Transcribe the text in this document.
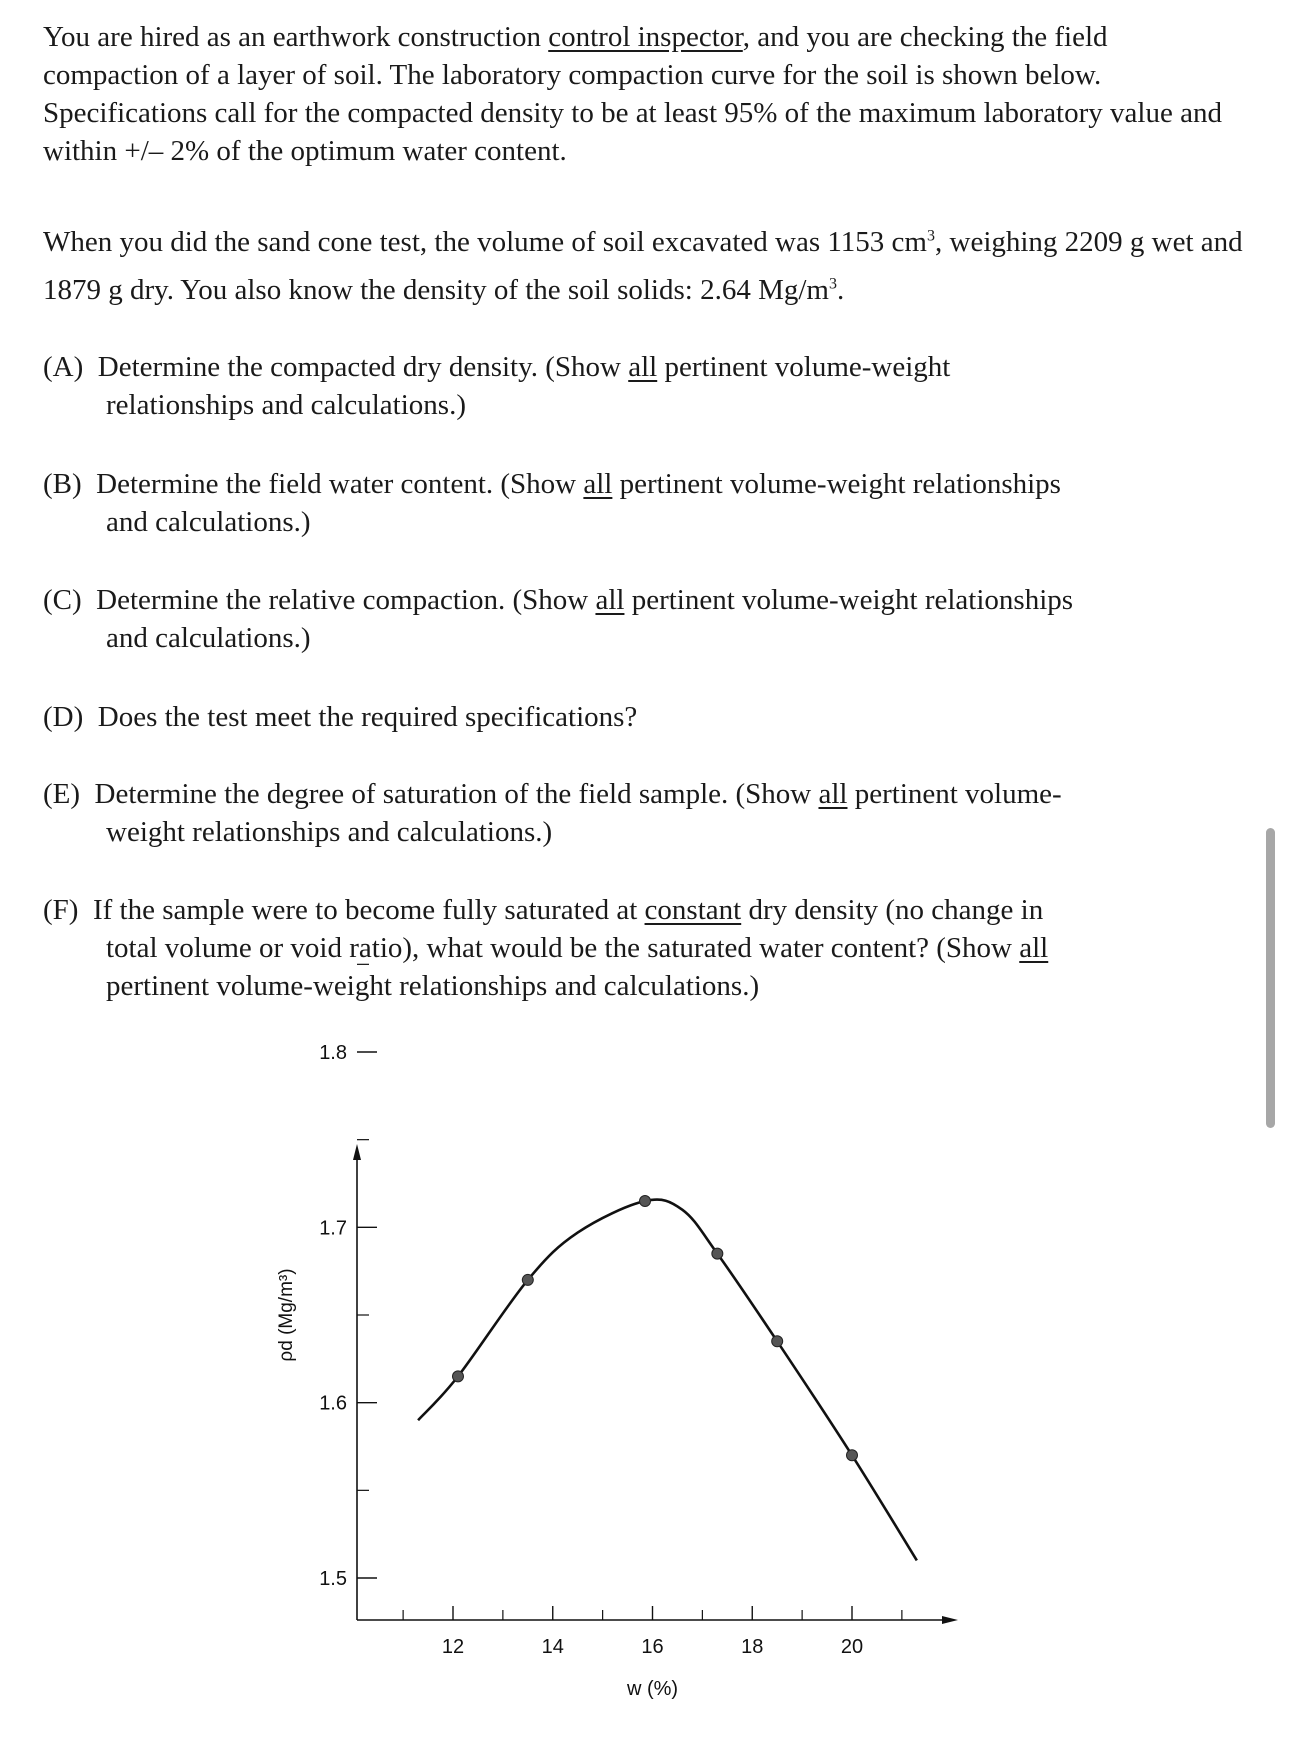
You are hired as an earthwork construction control inspector, and you are checking the field compaction of a layer of soil. The laboratory compaction curve for the soil is shown below. Specifications call for the compacted density to be at least 95% of the maximum laboratory value and within +/– 2% of the optimum water content.

When you did the sand cone test, the volume of soil excavated was 1153 $cm^3$, weighing 2209 g wet and 1879 g dry. You also know the density of the soil solids: 2.64 $Mg/m^3$.

(A) Determine the compacted dry density. (Show all pertinent volume-weight
relationships and calculations.)
(B) Determine the field water content. (Show all pertinent volume-weight relationships
and calculations.)
(C) Determine the relative compaction. (Show all pertinent volume-weight relationships
and calculations.)
(D) Does the test meet the required specifications?
(E) Determine the degree of saturation of the field sample. (Show all pertinent volume-
weight relationships and calculations.)
(F) If the sample were to become fully saturated at constant dry density (no change in
total volume or void ratio), what would be the saturated water content? (Show all
pertinent volume-weight relationships and calculations.)
1.5
1.6
1.7
1.8
12	14	16	18	20
w (%)
ρd (Mg/m³)
